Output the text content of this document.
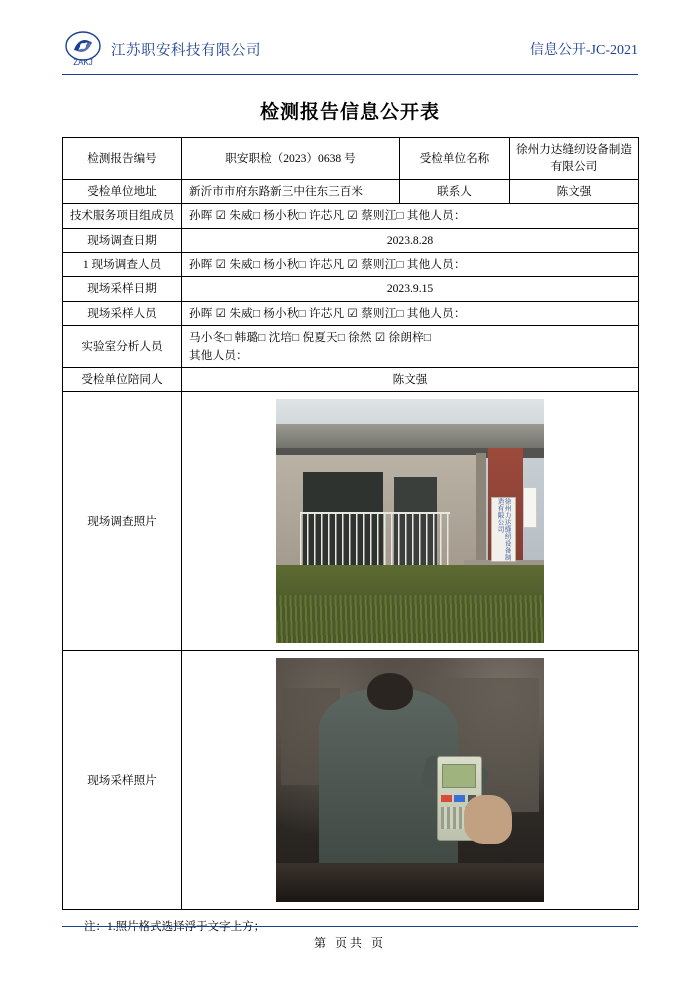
ZAKJ
江苏职安科技有限公司	信息公开-JC-2021
检测报告信息公开表
检测报告编号	职安职检（2023）0638 号	受检单位名称	徐州力达缝纫设备制造有限公司
受检单位地址	新沂市市府东路新三中往东三百米	联系人	陈文强
技术服务项目组成员	孙晖 ☑ 朱威□ 杨小秋□ 许芯凡 ☑ 蔡则江□ 其他人员：		
现场调查日期	2023.8.28		
1 现场调查人员	孙晖 ☑ 朱威□ 杨小秋□ 许芯凡 ☑ 蔡则江□ 其他人员：		
现场采样日期	2023.9.15		
现场采样人员	孙晖 ☑ 朱威□ 杨小秋□ 许芯凡 ☑ 蔡则江□ 其他人员：		
实验室分析人员	马小冬□ 韩璐□ 沈培□ 倪夏天□ 徐然 ☑ 徐朗梓□
其他人员：		

受检单位陪同人	陈文强		
现场调查照片	徐州力达缝纫设备制造有限公司		

现场采样照片			
注：1.照片格式选择浮于文字上方；
第 页共 页
